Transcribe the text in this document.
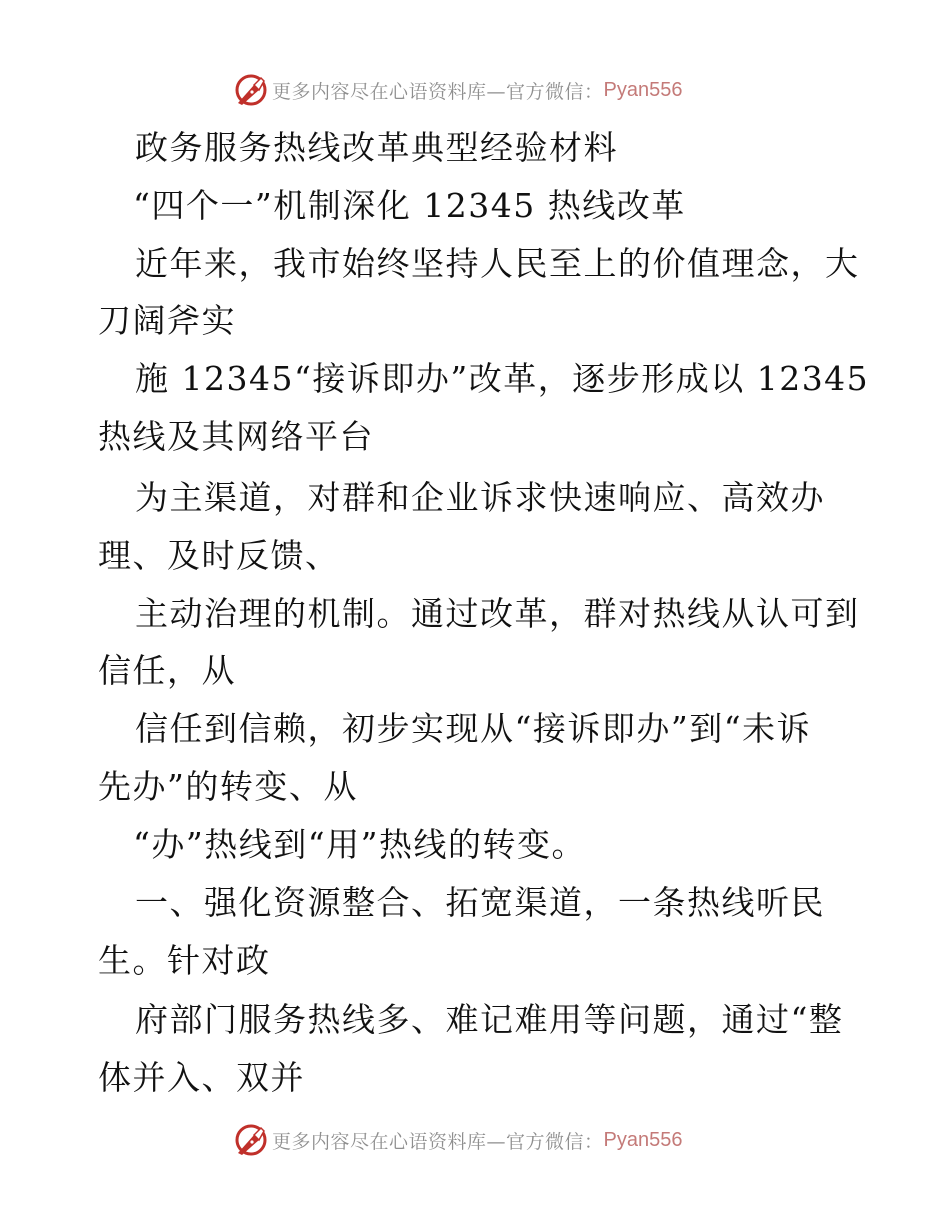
更多内容尽在心语资料库—官方微信： Pyan556
政务服务热线改革典型经验材料
“四个一”机制深化 12345 热线改革
近年来，我市始终坚持人民至上的价值理念，大
刀阔斧实
施 12345“接诉即办”改革，逐步形成以 12345
热线及其网络平台
为主渠道，对群和企业诉求快速响应、高效办
理、及时反馈、
主动治理的机制。通过改革，群对热线从认可到
信任，从
信任到信赖，初步实现从“接诉即办”到“未诉
先办”的转变、从
“办”热线到“用”热线的转变。
一、强化资源整合、拓宽渠道，一条热线听民
生。针对政
府部门服务热线多、难记难用等问题，通过“整
体并入、双并
更多内容尽在心语资料库—官方微信： Pyan556
